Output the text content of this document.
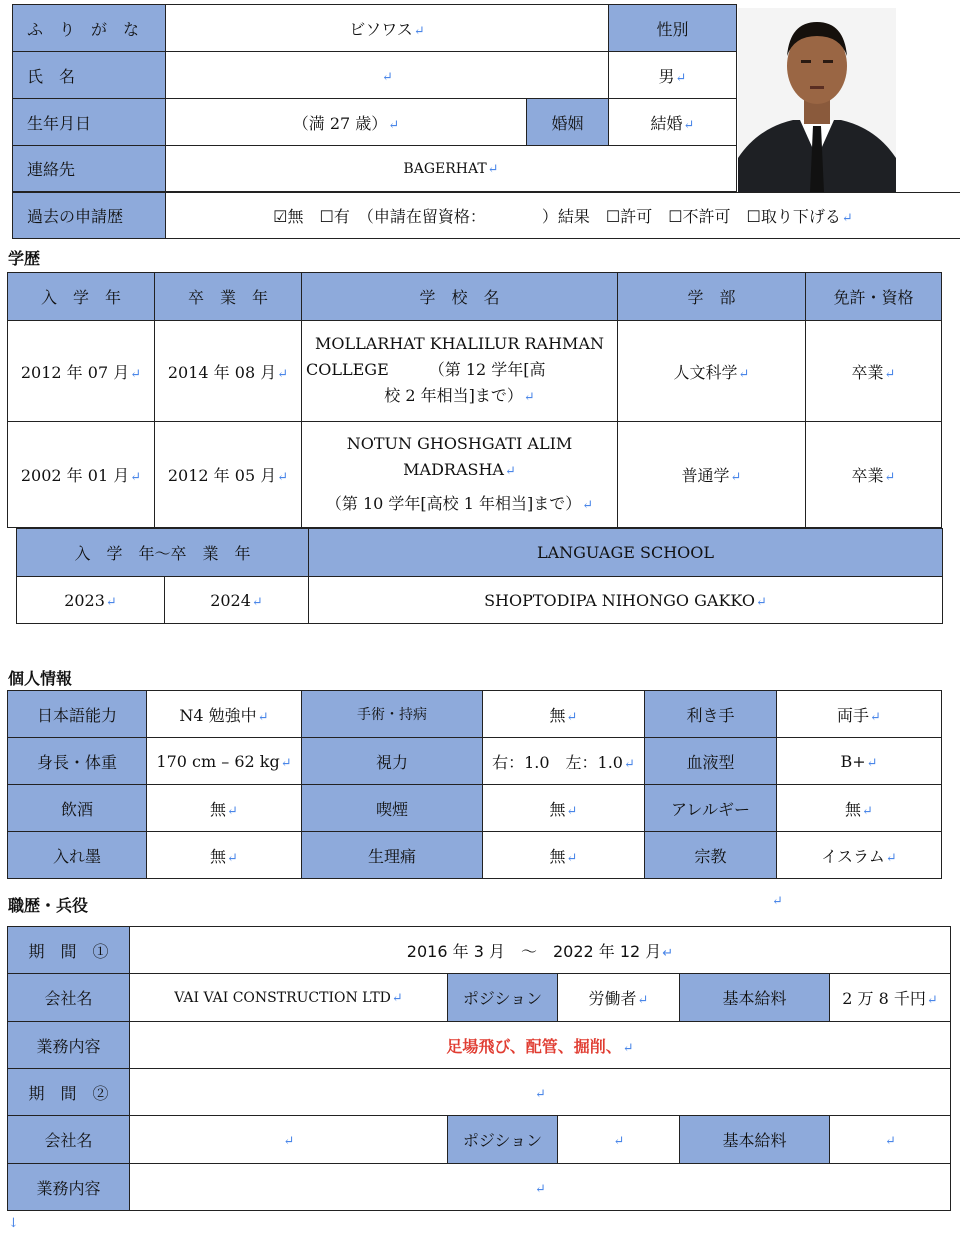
ふ　り　が　な	ビソワス↵		性別
氏　名	↵		男↵
生年月日	（満 27 歳）↵	婚姻	結婚↵
連絡先	BAGERHAT↵		
過去の申請歴	☑無　☐有　（申請在留資格：　　　　）結果　☐許可　☐不許可　☐取り下げる↵
学歴
入　学　年	卒　業　年	学　校　名	学　部	免許・資格
2012 年 07 月↵	2014 年 08 月↵	MOLLARHAT KHALILUR RAHMAN
COLLEGE　　　（第 12 学年[高
校 2 年相当]まで）↵	人文科学↵	卒業↵
2002 年 01 月↵	2012 年 05 月↵	NOTUN GHOSHGATI ALIM
MADRASHA↵
（第 10 学年[高校 1 年相当]まで）↵	普通学↵	卒業↵
入　学　年～卒　業　年		LANGUAGE SCHOOL
2023↵	2024↵	SHOPTODIPA NIHONGO GAKKO↵
個人情報
日本語能力	N4 勉強中↵	手術・持病	無↵	利き手	両手↵
身長・体重	170 cm – 62 kg↵	視力	右：1.0　左：1.0↵	血液型	B+↵
飲酒	無↵	喫煙	無↵	アレルギー	無↵
入れ墨	無↵	生理痛	無↵	宗教	イスラム↵
職歴・兵役	↵
期　間　①	2016 年 3 月　～　2022 年 12 月↵				
会社名	VAI VAI CONSTRUCTION LTD↵	ポジション	労働者↵	基本給料	2 万 8 千円↵
業務内容	足場飛び、配管、掘削、↵				
期　間　②	↵				
会社名	↵	ポジション	↵	基本給料	↵
業務内容	↵				
↓
